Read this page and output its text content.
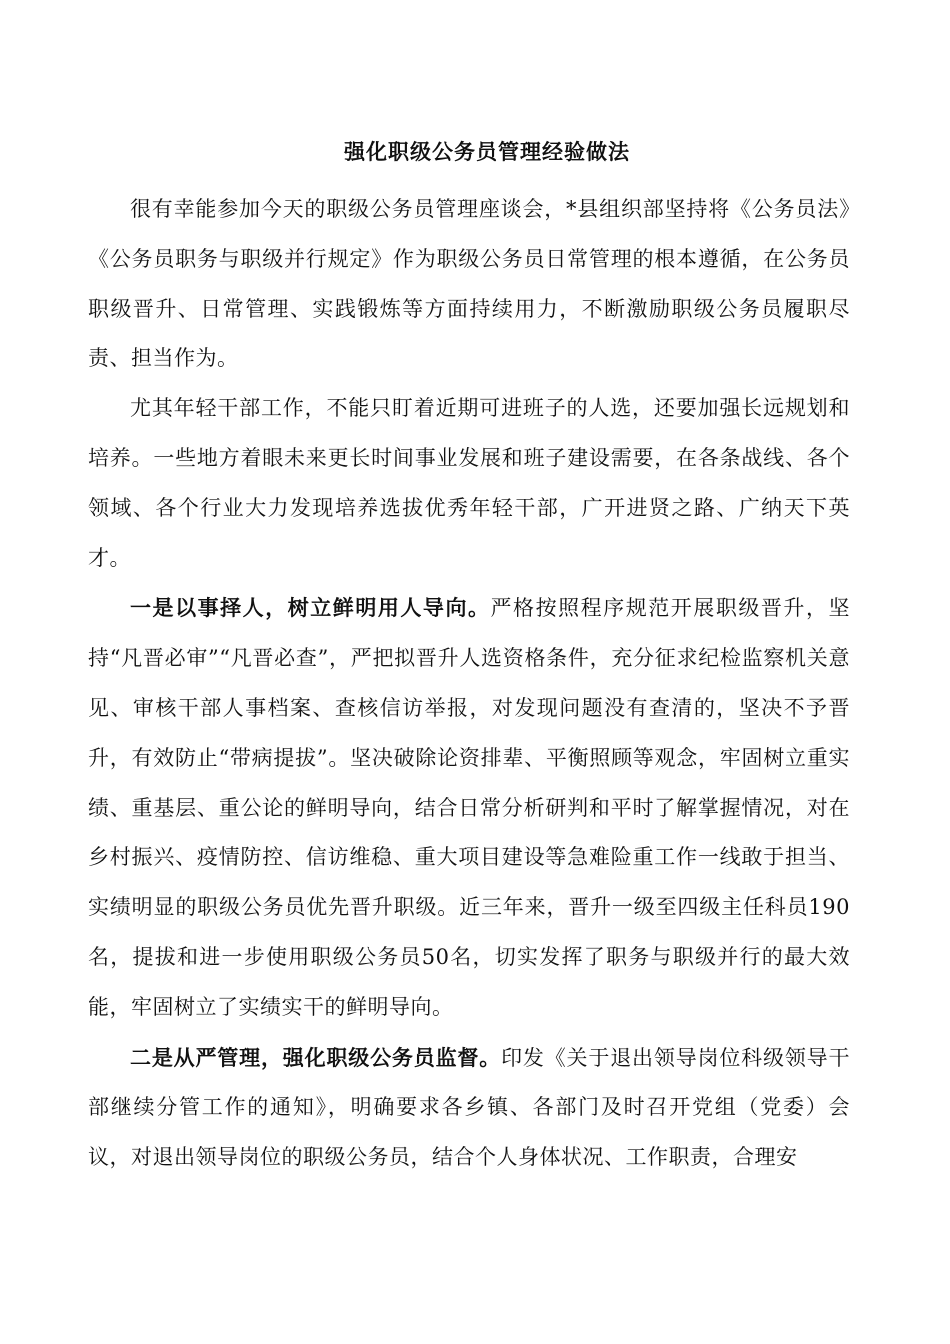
强化职级公务员管理经验做法

很有幸能参加今天的职级公务员管理座谈会，*县组织部坚持将《公务员法》《公务员职务与职级并行规定》作为职级公务员日常管理的根本遵循，在公务员职级晋升、日常管理、实践锻炼等方面持续用力，不断激励职级公务员履职尽责、担当作为。

尤其年轻干部工作，不能只盯着近期可进班子的人选，还要加强长远规划和培养。一些地方着眼未来更长时间事业发展和班子建设需要，在各条战线、各个领域、各个行业大力发现培养选拔优秀年轻干部，广开进贤之路、广纳天下英才。

一是以事择人，树立鲜明用人导向。严格按照程序规范开展职级晋升，坚持“凡晋必审”“凡晋必查”，严把拟晋升人选资格条件，充分征求纪检监察机关意见、审核干部人事档案、查核信访举报，对发现问题没有查清的，坚决不予晋升，有效防止“带病提拔”。坚决破除论资排辈、平衡照顾等观念，牢固树立重实绩、重基层、重公论的鲜明导向，结合日常分析研判和平时了解掌握情况，对在乡村振兴、疫情防控、信访维稳、重大项目建设等急难险重工作一线敢于担当、实绩明显的职级公务员优先晋升职级。近三年来，晋升一级至四级主任科员190名，提拔和进一步使用职级公务员50名，切实发挥了职务与职级并行的最大效能，牢固树立了实绩实干的鲜明导向。

二是从严管理，强化职级公务员监督。印发《关于退出领导岗位科级领导干部继续分管工作的通知》，明确要求各乡镇、各部门及时召开党组（党委）会议，对退出领导岗位的职级公务员，结合个人身体状况、工作职责，合理安
